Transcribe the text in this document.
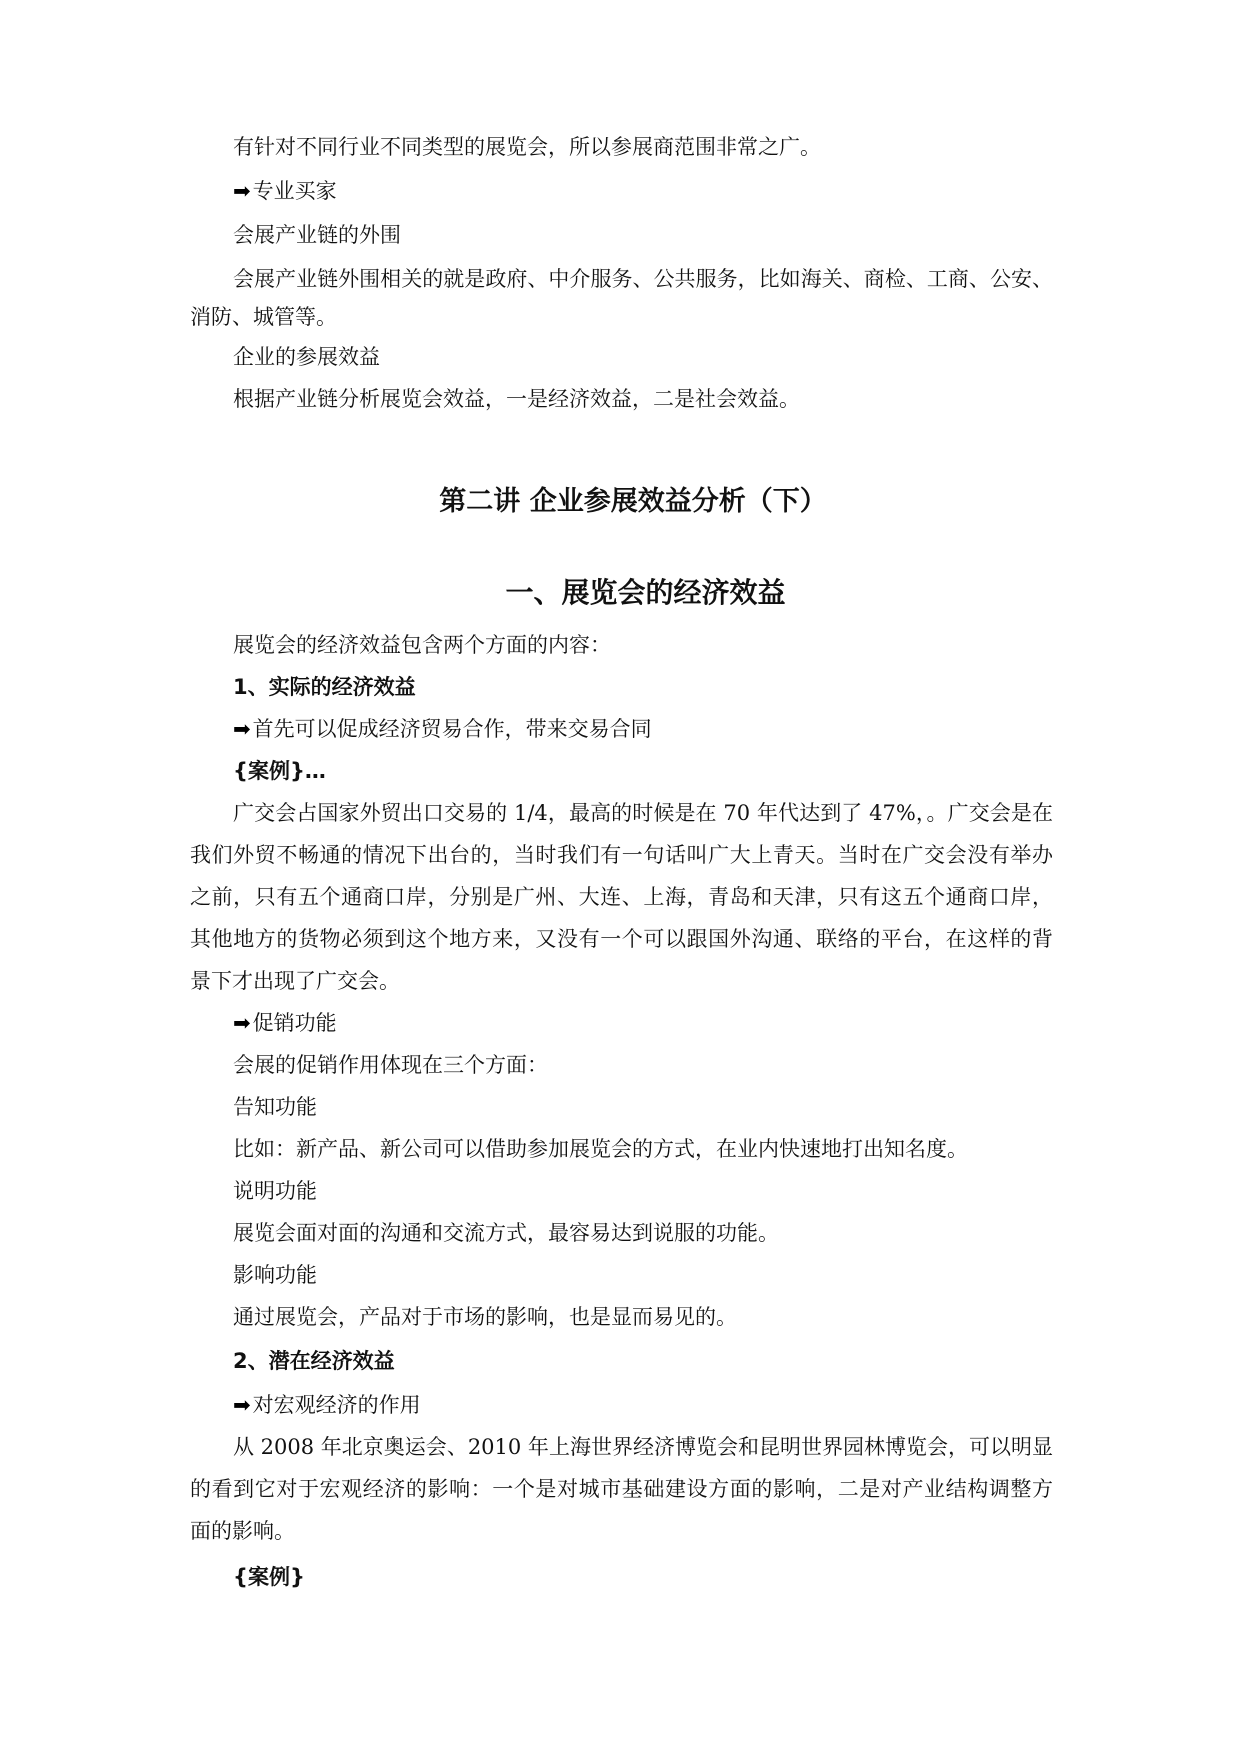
有针对不同行业不同类型的展览会，所以参展商范围非常之广。
➡专业买家
会展产业链的外围
会展产业链外围相关的就是政府、中介服务、公共服务，比如海关、商检、工商、公安、
消防、城管等。
企业的参展效益
根据产业链分析展览会效益，一是经济效益，二是社会效益。
第二讲 企业参展效益分析（下）
一、展览会的经济效益
展览会的经济效益包含两个方面的内容：
1、实际的经济效益
➡首先可以促成经济贸易合作，带来交易合同
{案例}…
广交会占国家外贸出口交易的 1/4，最高的时候是在 70 年代达到了 47%，。广交会是在
我们外贸不畅通的情况下出台的，当时我们有一句话叫广大上青天。当时在广交会没有举办
之前，只有五个通商口岸，分别是广州、大连、上海，青岛和天津，只有这五个通商口岸，
其他地方的货物必须到这个地方来，又没有一个可以跟国外沟通、联络的平台，在这样的背
景下才出现了广交会。
➡促销功能
会展的促销作用体现在三个方面：
告知功能
比如：新产品、新公司可以借助参加展览会的方式，在业内快速地打出知名度。
说明功能
展览会面对面的沟通和交流方式，最容易达到说服的功能。
影响功能
通过展览会，产品对于市场的影响，也是显而易见的。
2、潜在经济效益
➡对宏观经济的作用
从 2008 年北京奥运会、2010 年上海世界经济博览会和昆明世界园林博览会，可以明显
的看到它对于宏观经济的影响：一个是对城市基础建设方面的影响，二是对产业结构调整方
面的影响。
{案例}
